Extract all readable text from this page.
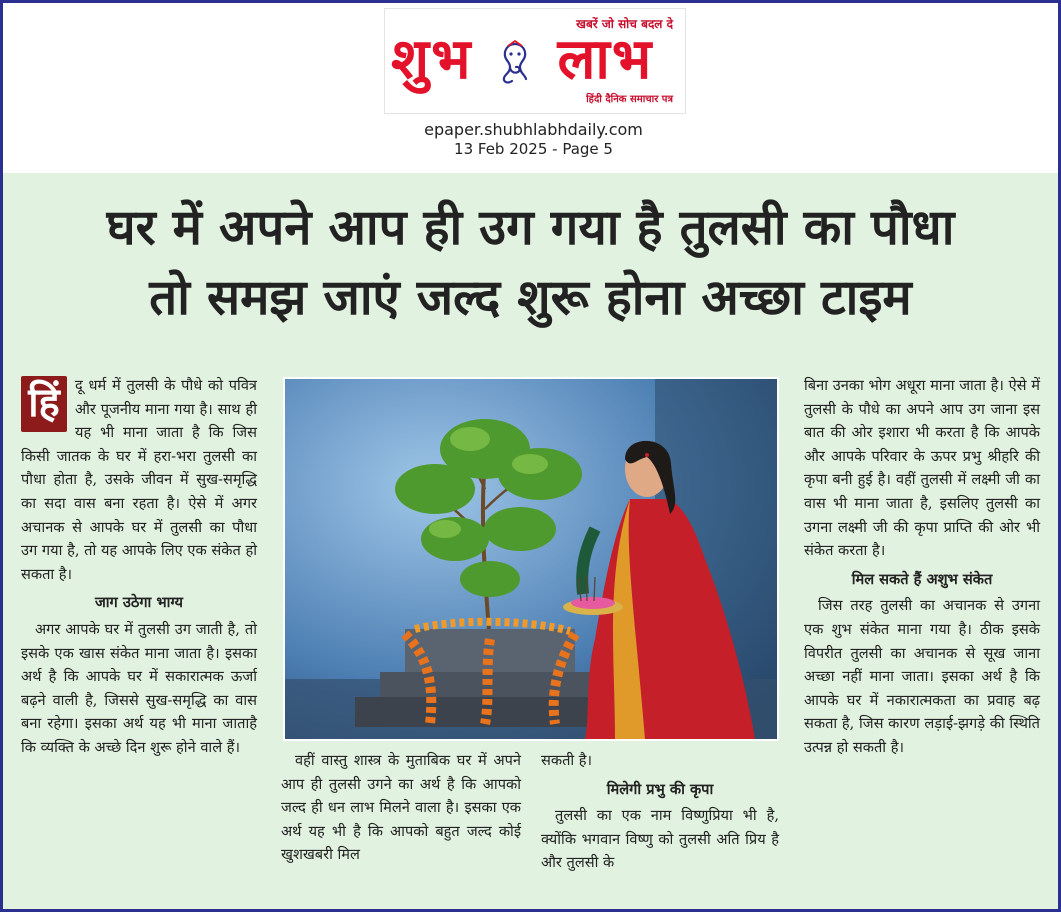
खबरें जो सोच बदल दे
शुभ लाभ
हिंदी दैनिक समाचार पत्र
epaper.shubhlabhdaily.com
13 Feb 2025 - Page 5
घर में अपने आप ही उग गया है तुलसी का पौधा
तो समझ जाएं जल्द शुरू होना अच्छा टाइम
हिं	दू धर्म में तुलसी के पौधे को पवित्र और पूजनीय माना गया है। साथ ही यह भी माना जाता है कि जिस किसी जातक के घर में हरा-भरा तुलसी का पौधा होता है, उसके जीवन में सुख-समृद्धि का सदा वास बना रहता है। ऐसे में अगर अचानक से आपके घर में तुलसी का पौधा उग गया है, तो यह आपके लिए एक संकेत हो सकता है।

जाग उठेगा भाग्य

अगर आपके घर में तुलसी उग जाती है, तो इसके एक खास संकेत माना जाता है। इसका अर्थ है कि आपके घर में सकारात्मक ऊर्जा बढ़ने वाली है, जिससे सुख-समृद्धि का वास बना रहेगा। इसका अर्थ यह भी माना जाताहै कि व्यक्ति के अच्छे दिन शुरू होने वाले हैं।

वहीं वास्तु शास्त्र के मुताबिक घर में अपने आप ही तुलसी उगने का अर्थ है कि आपको जल्द ही धन लाभ मिलने वाला है। इसका एक अर्थ यह भी है कि आपको बहुत जल्द कोई खुशखबरी मिल

सकती है।

मिलेगी प्रभु की कृपा

तुलसी का एक नाम विष्णुप्रिया भी है, क्योंकि भगवान विष्णु को तुलसी अति प्रिय है और तुलसी के

बिना उनका भोग अधूरा माना जाता है। ऐसे में तुलसी के पौधे का अपने आप उग जाना इस बात की ओर इशारा भी करता है कि आपके और आपके परिवार के ऊपर प्रभु श्रीहरि की कृपा बनी हुई है। वहीं तुलसी में लक्ष्मी जी का वास भी माना जाता है, इसलिए तुलसी का उगना लक्ष्मी जी की कृपा प्राप्ति की ओर भी संकेत करता है।

मिल सकते हैं अशुभ संकेत

जिस तरह तुलसी का अचानक से उगना एक शुभ संकेत माना गया है। ठीक इसके विपरीत तुलसी का अचानक से सूख जाना अच्छा नहीं माना जाता। इसका अर्थ है कि आपके घर में नकारात्मकता का प्रवाह बढ़ सकता है, जिस कारण लड़ाई-झगड़े की स्थिति उत्पन्न हो सकती है।
